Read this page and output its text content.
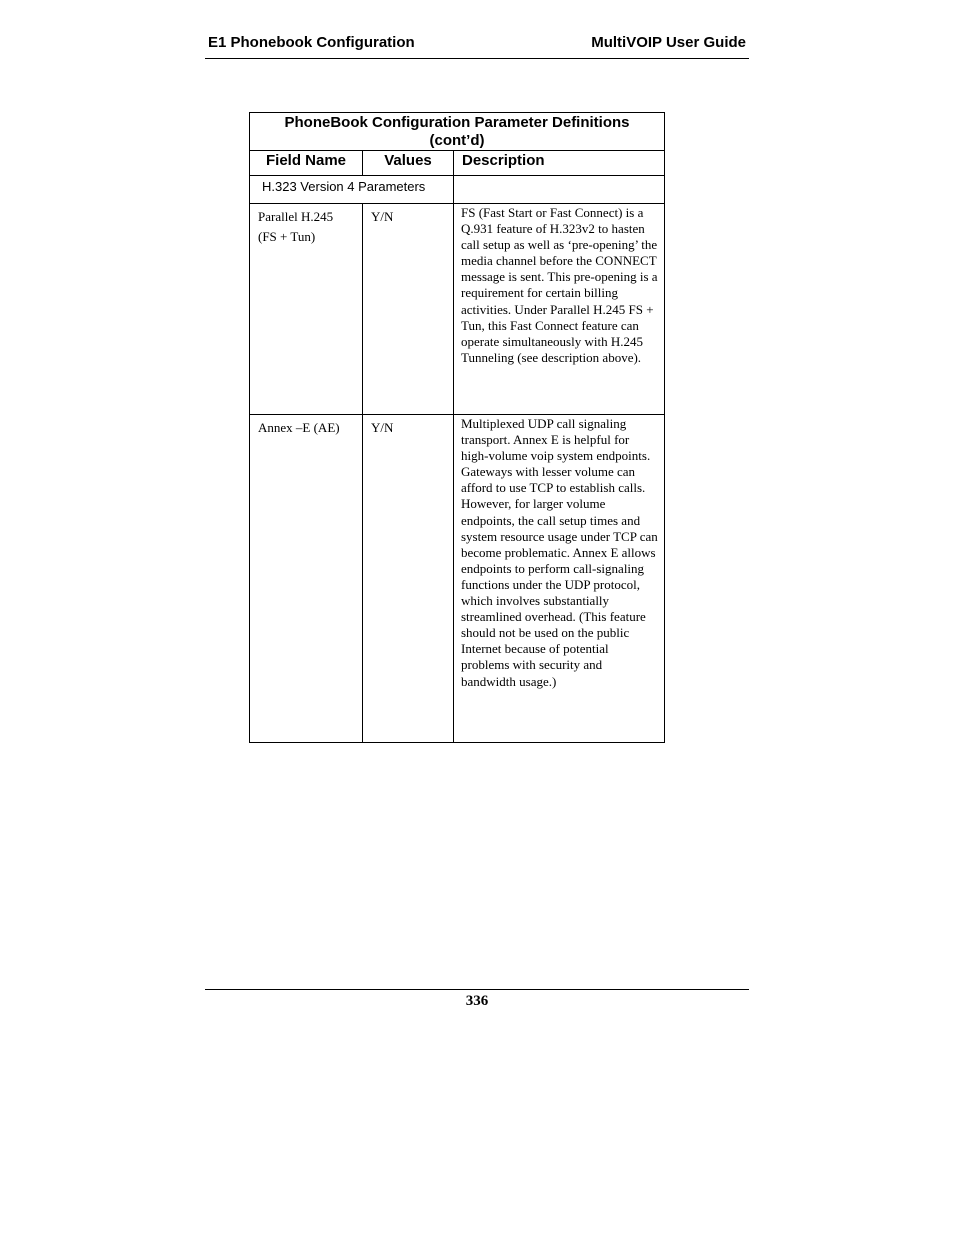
E1 Phonebook Configuration	MultiVOIP User Guide
PhoneBook Configuration Parameter Definitions
(cont’d)		

Field Name	Values	Description
H.323 Version 4 Parameters		

Parallel H.245
(FS + Tun)	Y/N	FS (Fast Start or Fast Connect) is a Q.931 feature of H.323v2 to hasten call setup as well as ‘pre-opening’ the media channel before the CONNECT message is sent. This pre-opening is a requirement for certain billing activities. Under Parallel H.245 FS + Tun, this Fast Connect feature can operate simultaneously with H.245 Tunneling (see description above).

Annex –E (AE)	Y/N	Multiplexed UDP call signaling transport. Annex E is helpful for high-volume voip system endpoints. Gateways with lesser volume can afford to use TCP to establish calls. However, for larger volume endpoints, the call setup times and system resource usage under TCP can become problematic. Annex E allows endpoints to perform call-signaling functions under the UDP protocol, which involves substantially streamlined overhead. (This feature should not be used on the public Internet because of potential problems with security and bandwidth usage.)
336
